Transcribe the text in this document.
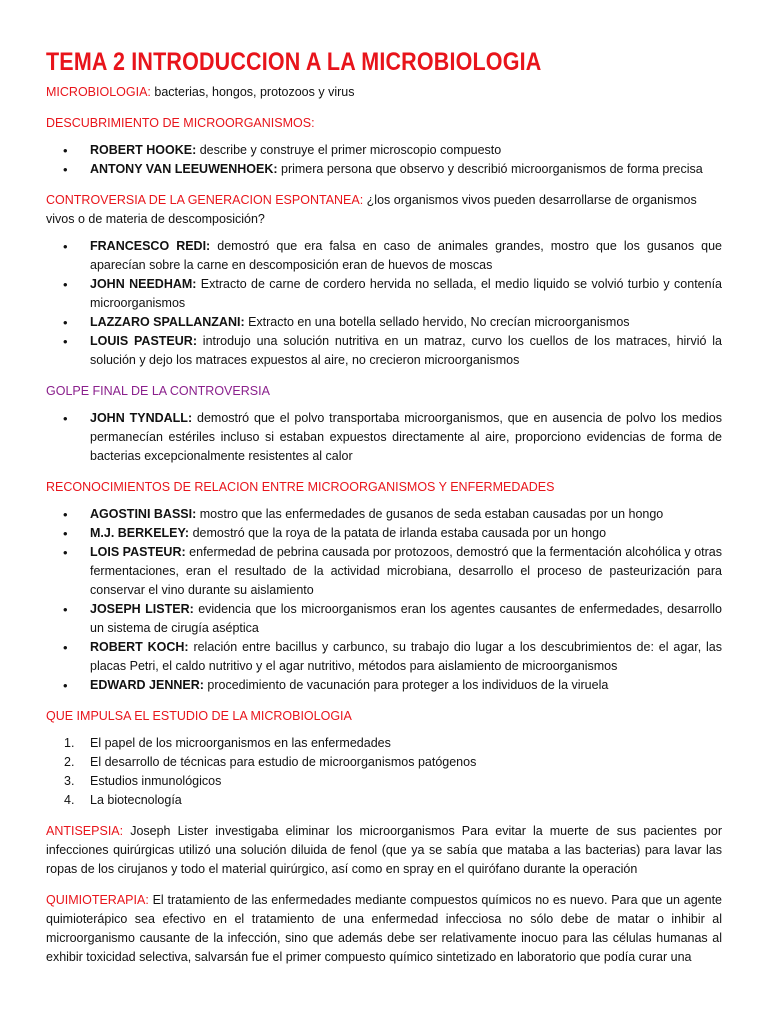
TEMA 2 INTRODUCCION A LA MICROBIOLOGIA

MICROBIOLOGIA: bacterias, hongos, protozoos y virus

DESCUBRIMIENTO DE MICROORGANISMOS:

• ROBERT HOOKE: describe y construye el primer microscopio compuesto
• ANTONY VAN LEEUWENHOEK: primera persona que observo y describió microorganismos de forma precisa

CONTROVERSIA DE LA GENERACION ESPONTANEA: ¿los organismos vivos pueden desarrollarse de organismos vivos o de materia de descomposición?

• FRANCESCO REDI: demostró que era falsa en caso de animales grandes, mostro que los gusanos que aparecían sobre la carne en descomposición eran de huevos de moscas
• JOHN NEEDHAM: Extracto de carne de cordero hervida no sellada, el medio liquido se volvió turbio y contenía microorganismos
• LAZZARO SPALLANZANI: Extracto en una botella sellado hervido, No crecían microorganismos
• LOUIS PASTEUR: introdujo una solución nutritiva en un matraz, curvo los cuellos de los matraces, hirvió la solución y dejo los matraces expuestos al aire, no crecieron microorganismos

GOLPE FINAL DE LA CONTROVERSIA

• JOHN TYNDALL: demostró que el polvo transportaba microorganismos, que en ausencia de polvo los medios permanecían estériles incluso si estaban expuestos directamente al aire, proporciono evidencias de forma de bacterias excepcionalmente resistentes al calor

RECONOCIMIENTOS DE RELACION ENTRE MICROORGANISMOS Y ENFERMEDADES

• AGOSTINI BASSI: mostro que las enfermedades de gusanos de seda estaban causadas por un hongo
• M.J. BERKELEY: demostró que la roya de la patata de irlanda estaba causada por un hongo
• LOIS PASTEUR: enfermedad de pebrina causada por protozoos, demostró que la fermentación alcohólica y otras fermentaciones, eran el resultado de la actividad microbiana, desarrollo el proceso de pasteurización para conservar el vino durante su aislamiento
• JOSEPH LISTER: evidencia que los microorganismos eran los agentes causantes de enfermedades, desarrollo un sistema de cirugía aséptica
• ROBERT KOCH: relación entre bacillus y carbunco, su trabajo dio lugar a los descubrimientos de: el agar, las placas Petri, el caldo nutritivo y el agar nutritivo, métodos para aislamiento de microorganismos
• EDWARD JENNER: procedimiento de vacunación para proteger a los individuos de la viruela

QUE IMPULSA EL ESTUDIO DE LA MICROBIOLOGIA

1. El papel de los microorganismos en las enfermedades
2. El desarrollo de técnicas para estudio de microorganismos patógenos
3. Estudios inmunológicos
4. La biotecnología

ANTISEPSIA: Joseph Lister investigaba eliminar los microorganismos Para evitar la muerte de sus pacientes por infecciones quirúrgicas utilizó una solución diluida de fenol (que ya se sabía que mataba a las bacterias) para lavar las ropas de los cirujanos y todo el material quirúrgico, así como en spray en el quirófano durante la operación

QUIMIOTERAPIA: El tratamiento de las enfermedades mediante compuestos químicos no es nuevo. Para que un agente quimioterápico sea efectivo en el tratamiento de una enfermedad infecciosa no sólo debe de matar o inhibir al microorganismo causante de la infección, sino que además debe ser relativamente inocuo para las células humanas al exhibir toxicidad selectiva, salvarsán fue el primer compuesto químico sintetizado en laboratorio que podía curar una
